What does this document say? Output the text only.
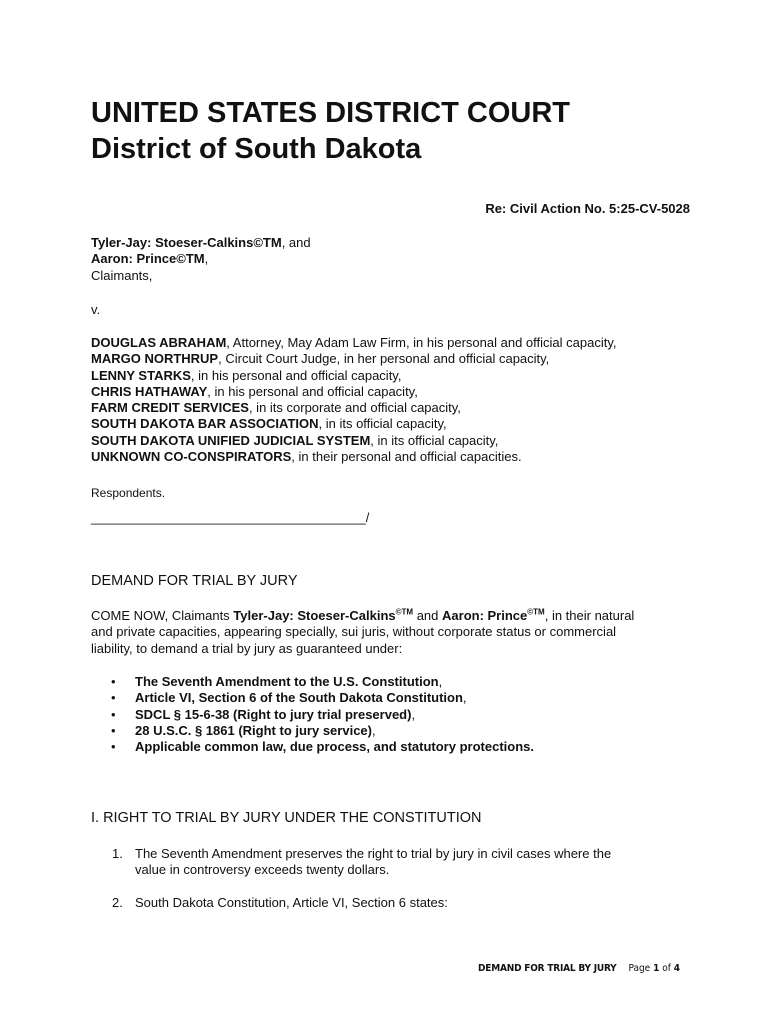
UNITED STATES DISTRICT COURT
District of South Dakota
Re: Civil Action No. 5:25-CV-5028
Tyler-Jay: Stoeser-Calkins©TM, and
Aaron: Prince©TM,
Claimants,
v.
DOUGLAS ABRAHAM, Attorney, May Adam Law Firm, in his personal and official capacity,
MARGO NORTHRUP, Circuit Court Judge, in her personal and official capacity,
LENNY STARKS, in his personal and official capacity,
CHRIS HATHAWAY, in his personal and official capacity,
FARM CREDIT SERVICES, in its corporate and official capacity,
SOUTH DAKOTA BAR ASSOCIATION, in its official capacity,
SOUTH DAKOTA UNIFIED JUDICIAL SYSTEM, in its official capacity,
UNKNOWN CO-CONSPIRATORS, in their personal and official capacities.
Respondents.
______________________________________/
DEMAND FOR TRIAL BY JURY
COME NOW, Claimants Tyler-Jay: Stoeser-Calkins$^{©TM}$ and Aaron: Prince$^{©TM}$, in their natural
and private capacities, appearing specially, sui juris, without corporate status or commercial
liability, to demand a trial by jury as guaranteed under:
• The Seventh Amendment to the U.S. Constitution,
• Article VI, Section 6 of the South Dakota Constitution,
• SDCL § 15-6-38 (Right to jury trial preserved),
• 28 U.S.C. § 1861 (Right to jury service),
• Applicable common law, due process, and statutory protections.
I. RIGHT TO TRIAL BY JURY UNDER THE CONSTITUTION
1. The Seventh Amendment preserves the right to trial by jury in civil cases where the
value in controversy exceeds twenty dollars.
2. South Dakota Constitution, Article VI, Section 6 states:
DEMAND FOR TRIAL BY JURY Page 1 of 4
